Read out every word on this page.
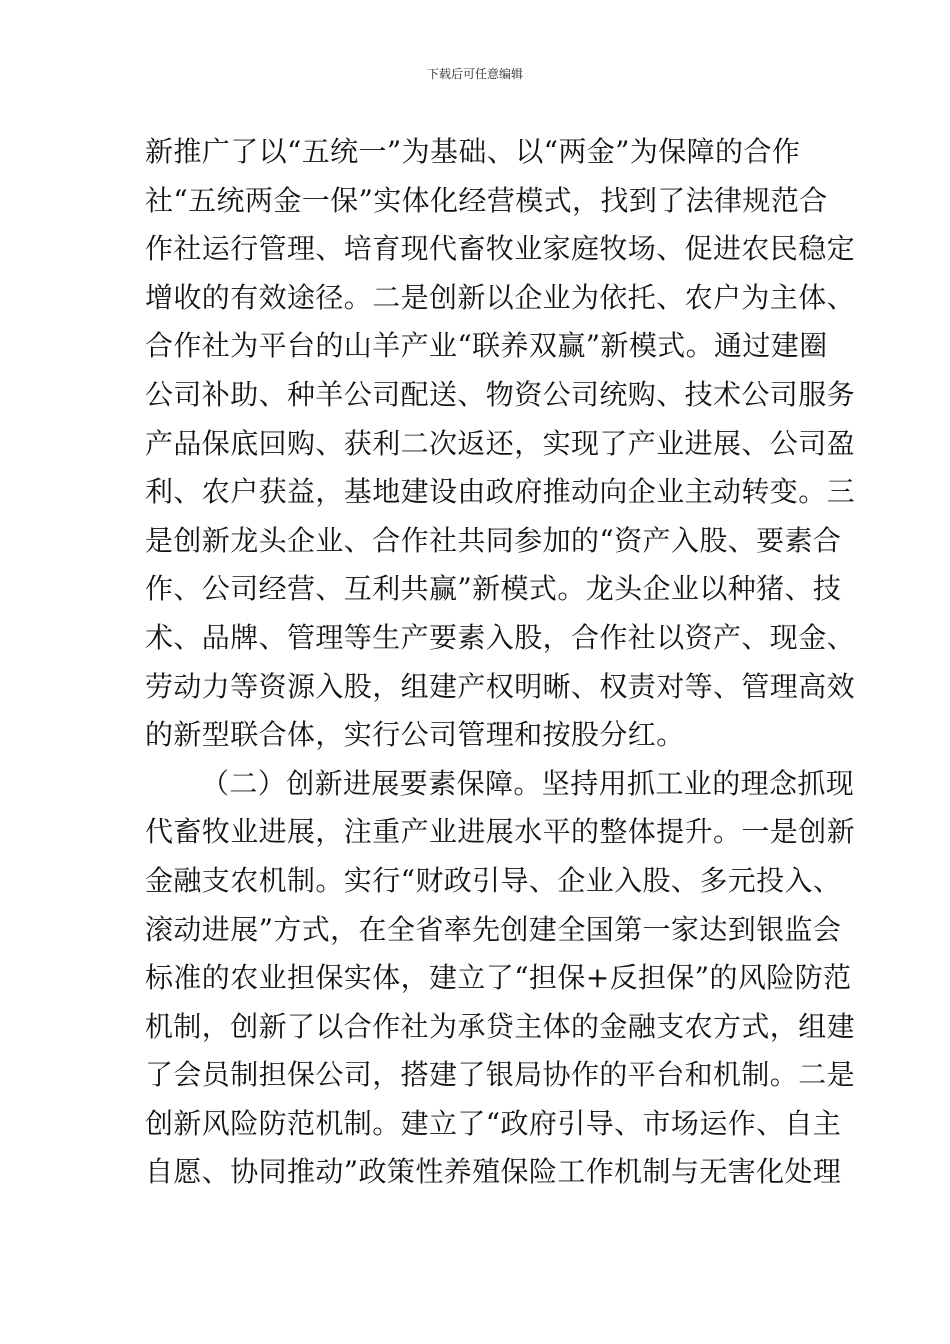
下载后可任意编辑
新推广了以“五统一”为基础、以“两金”为保障的合作
社“五统两金一保”实体化经营模式，找到了法律规范合
作社运行管理、培育现代畜牧业家庭牧场、促进农民稳定
增收的有效途径。二是创新以企业为依托、农户为主体、
合作社为平台的山羊产业“联养双赢”新模式。通过建圈
公司补助、种羊公司配送、物资公司统购、技术公司服务
产品保底回购、获利二次返还，实现了产业进展、公司盈
利、农户获益，基地建设由政府推动向企业主动转变。三
是创新龙头企业、合作社共同参加的“资产入股、要素合
作、公司经营、互利共赢”新模式。龙头企业以种猪、技
术、品牌、管理等生产要素入股，合作社以资产、现金、
劳动力等资源入股，组建产权明晰、权责对等、管理高效
的新型联合体，实行公司管理和按股分红。
（二）创新进展要素保障。坚持用抓工业的理念抓现
代畜牧业进展，注重产业进展水平的整体提升。一是创新
金融支农机制。实行“财政引导、企业入股、多元投入、
滚动进展”方式，在全省率先创建全国第一家达到银监会
标准的农业担保实体，建立了“担保+反担保”的风险防范
机制，创新了以合作社为承贷主体的金融支农方式，组建
了会员制担保公司，搭建了银局协作的平台和机制。二是
创新风险防范机制。建立了“政府引导、市场运作、自主
自愿、协同推动”政策性养殖保险工作机制与无害化处理
